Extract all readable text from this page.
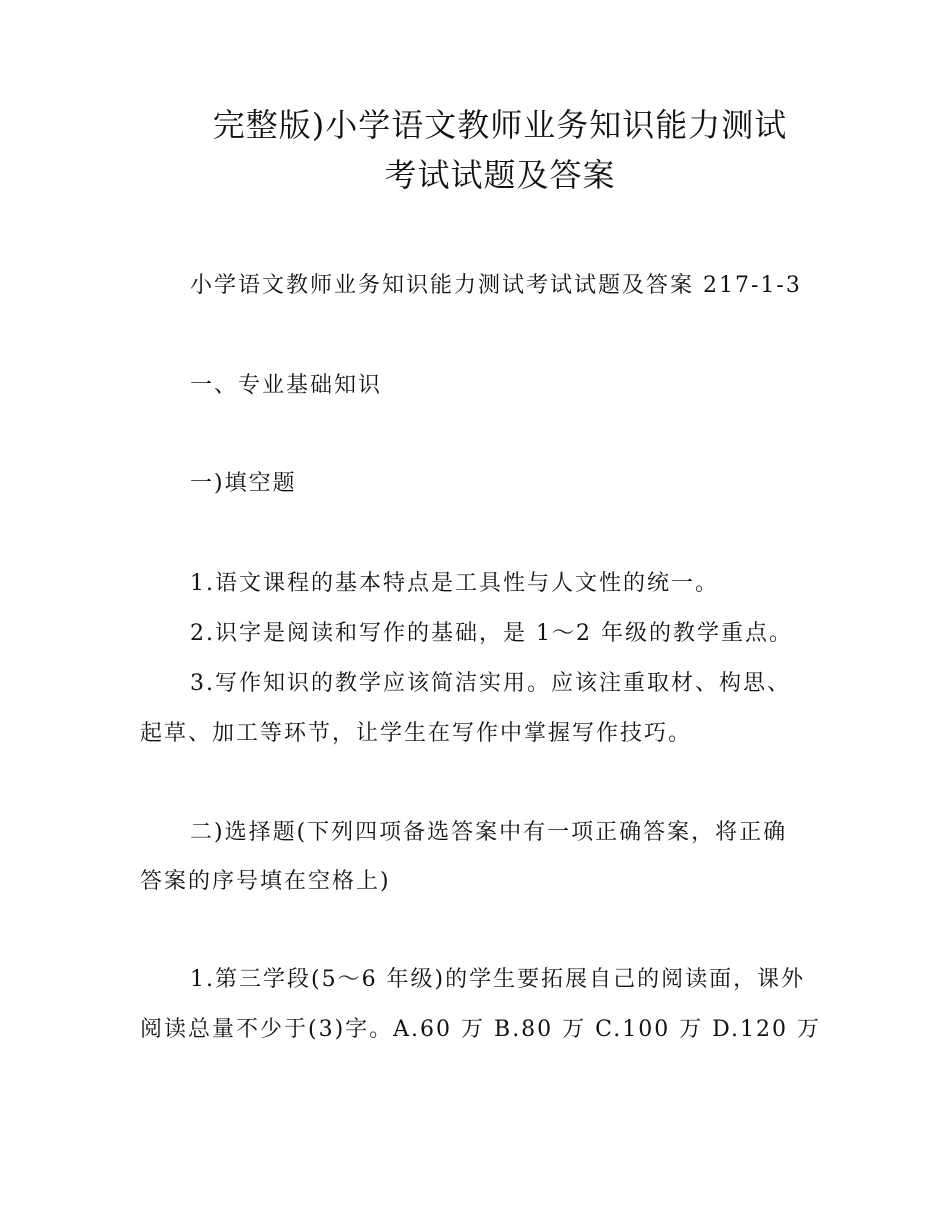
完整版)小学语文教师业务知识能力测试
考试试题及答案
小学语文教师业务知识能力测试考试试题及答案 217-1-3
一、专业基础知识
一)填空题
1.语文课程的基本特点是工具性与人文性的统一。
2.识字是阅读和写作的基础，是 1～2 年级的教学重点。
3.写作知识的教学应该简洁实用。应该注重取材、构思、
起草、加工等环节，让学生在写作中掌握写作技巧。
二)选择题(下列四项备选答案中有一项正确答案，将正确
答案的序号填在空格上)
1.第三学段(5～6 年级)的学生要拓展自己的阅读面，课外
阅读总量不少于(3)字。A.60 万 B.80 万 C.100 万 D.120 万
